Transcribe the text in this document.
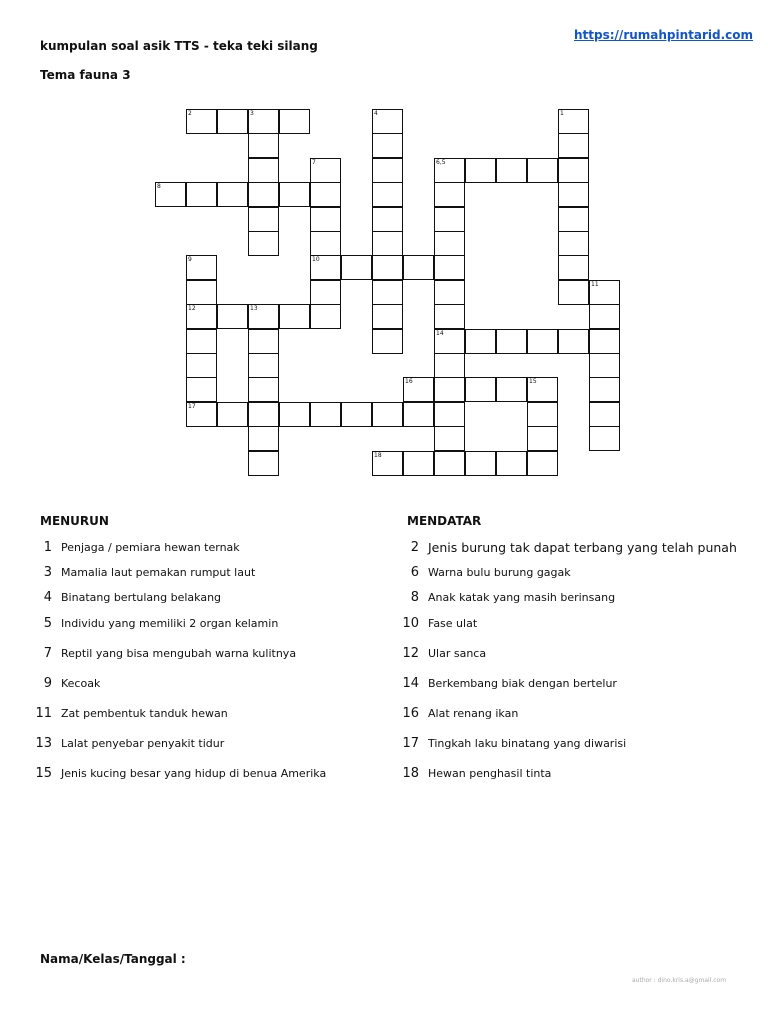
kumpulan soal asik TTS - teka teki silang
https://rumahpintarid.com
Tema fauna 3
2	3	4	1
6,5
14
7
10
8
9
12
11
13
16	15
17
18
MENURUN	MENDATAR
1 Penjaga / pemiara hewan ternak
3 Mamalia laut pemakan rumput laut
4 Binatang bertulang belakang
5 Individu yang memiliki 2 organ kelamin
7 Reptil yang bisa mengubah warna kulitnya
9 Kecoak
11 Zat pembentuk tanduk hewan
13 Lalat penyebar penyakit tidur
15 Jenis kucing besar yang hidup di benua Amerika
2 Jenis burung tak dapat terbang yang telah punah
6 Warna bulu burung gagak
8 Anak katak yang masih berinsang
10 Fase ulat
12 Ular sanca
14 Berkembang biak dengan bertelur
16 Alat renang ikan
17 Tingkah laku binatang yang diwarisi
18 Hewan penghasil tinta
Nama/Kelas/Tanggal :
author : dino.kris.a@gmail.com
